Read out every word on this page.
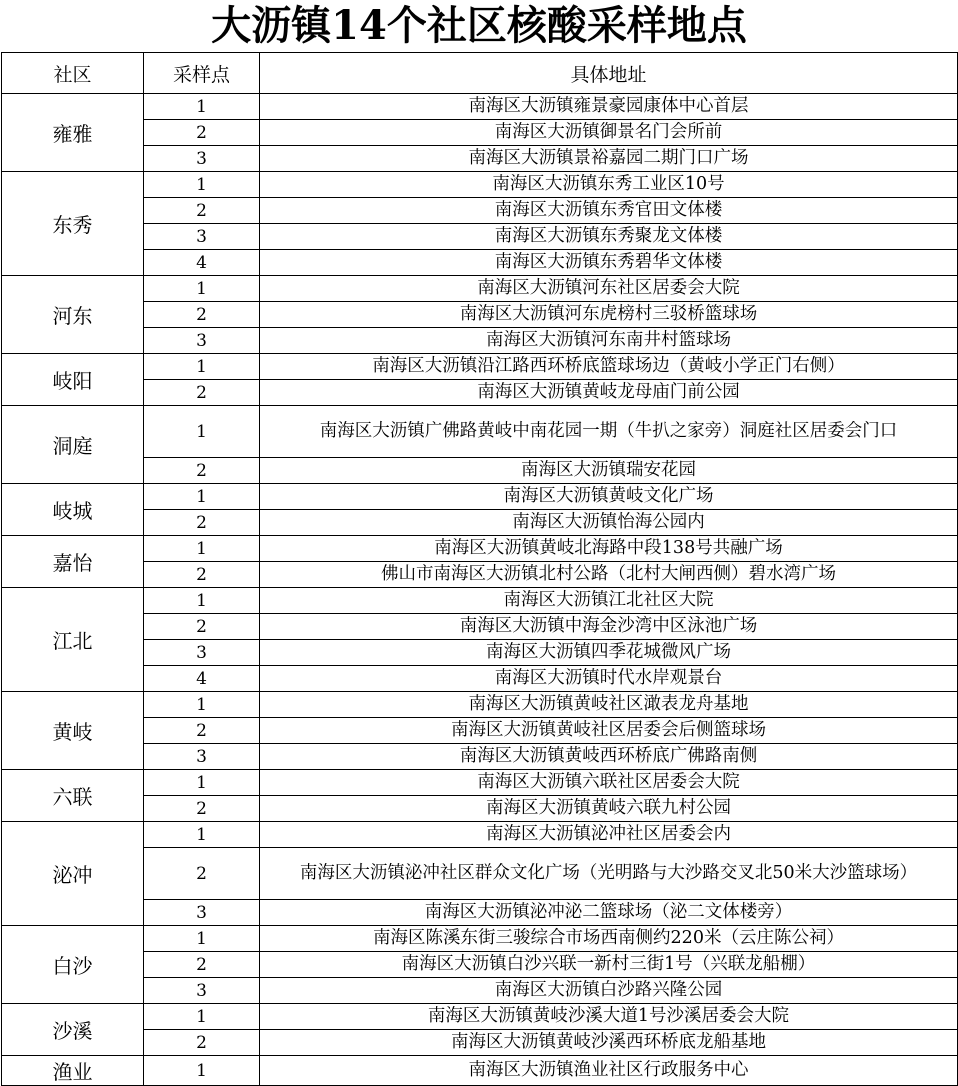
大沥镇14个社区核酸采样地点
社区	采样点	具体地址
雍雅	1	南海区大沥镇雍景豪园康体中心首层
	2	南海区大沥镇御景名门会所前
	3	南海区大沥镇景裕嘉园二期门口广场
东秀	1	南海区大沥镇东秀工业区10号
	2	南海区大沥镇东秀官田文体楼
	3	南海区大沥镇东秀聚龙文体楼
	4	南海区大沥镇东秀碧华文体楼
河东	1	南海区大沥镇河东社区居委会大院
	2	南海区大沥镇河东虎榜村三驳桥篮球场
	3	南海区大沥镇河东南井村篮球场
岐阳	1	南海区大沥镇沿江路西环桥底篮球场边（黄岐小学正门右侧）
	2	南海区大沥镇黄岐龙母庙门前公园
洞庭	1	南海区大沥镇广佛路黄岐中南花园一期（牛扒之家旁）洞庭社区居委会门口
	2	南海区大沥镇瑞安花园
岐城	1	南海区大沥镇黄岐文化广场
	2	南海区大沥镇怡海公园内
嘉怡	1	南海区大沥镇黄岐北海路中段138号共融广场
	2	佛山市南海区大沥镇北村公路（北村大闸西侧）碧水湾广场
江北	1	南海区大沥镇江北社区大院
	2	南海区大沥镇中海金沙湾中区泳池广场
	3	南海区大沥镇四季花城微风广场
	4	南海区大沥镇时代水岸观景台
黄岐	1	南海区大沥镇黄岐社区澉表龙舟基地
	2	南海区大沥镇黄岐社区居委会后侧篮球场
	3	南海区大沥镇黄岐西环桥底广佛路南侧
六联	1	南海区大沥镇六联社区居委会大院
	2	南海区大沥镇黄岐六联九村公园
泌冲	1	南海区大沥镇泌冲社区居委会内
	2	南海区大沥镇泌冲社区群众文化广场（光明路与大沙路交叉北50米大沙篮球场）
	3	南海区大沥镇泌冲泌二篮球场（泌二文体楼旁）
白沙	1	南海区陈溪东街三骏综合市场西南侧约220米（云庄陈公祠）
	2	南海区大沥镇白沙兴联一新村三街1号（兴联龙船棚）
	3	南海区大沥镇白沙路兴隆公园
沙溪	1	南海区大沥镇黄岐沙溪大道1号沙溪居委会大院
	2	南海区大沥镇黄岐沙溪西环桥底龙船基地
渔业	1	南海区大沥镇渔业社区行政服务中心
